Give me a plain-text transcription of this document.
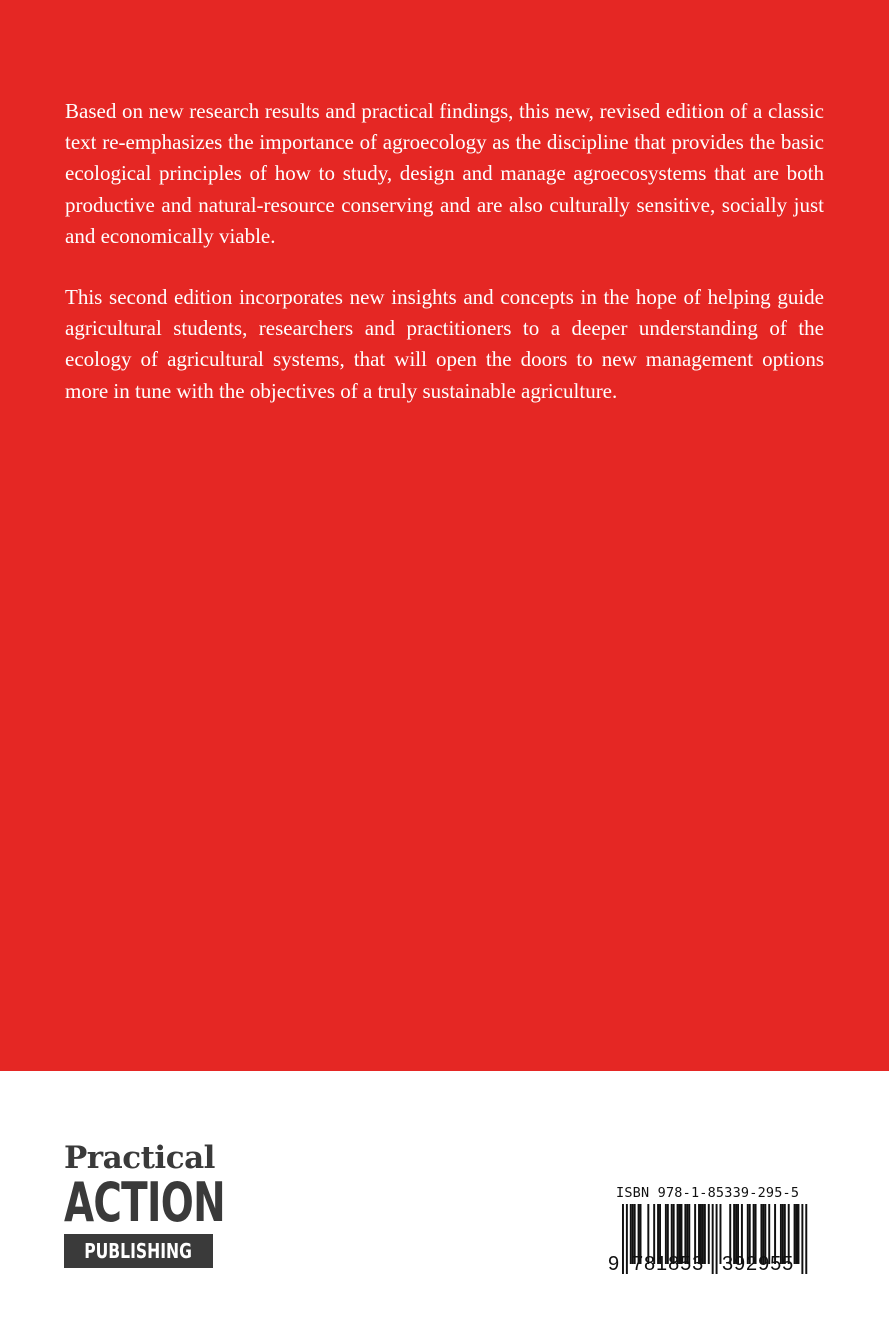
Based on new research results and practical findings, this new, revised edition of a classic text re-emphasizes the importance of agroecology as the discipline that provides the basic ecological principles of how to study, design and manage agroecosystems that are both productive and natural-resource conserving and are also culturally sensitive, socially just and economically viable.

This second edition incorporates new insights and concepts in the hope of helping guide agricultural students, researchers and practitioners to a deeper understanding of the ecology of agricultural systems, that will open the doors to new management options more in tune with the objectives of a truly sustainable agriculture.

Practical
ACTION
PUBLISHING
ISBN 978-1-85339-295-5
9 781853 392955
